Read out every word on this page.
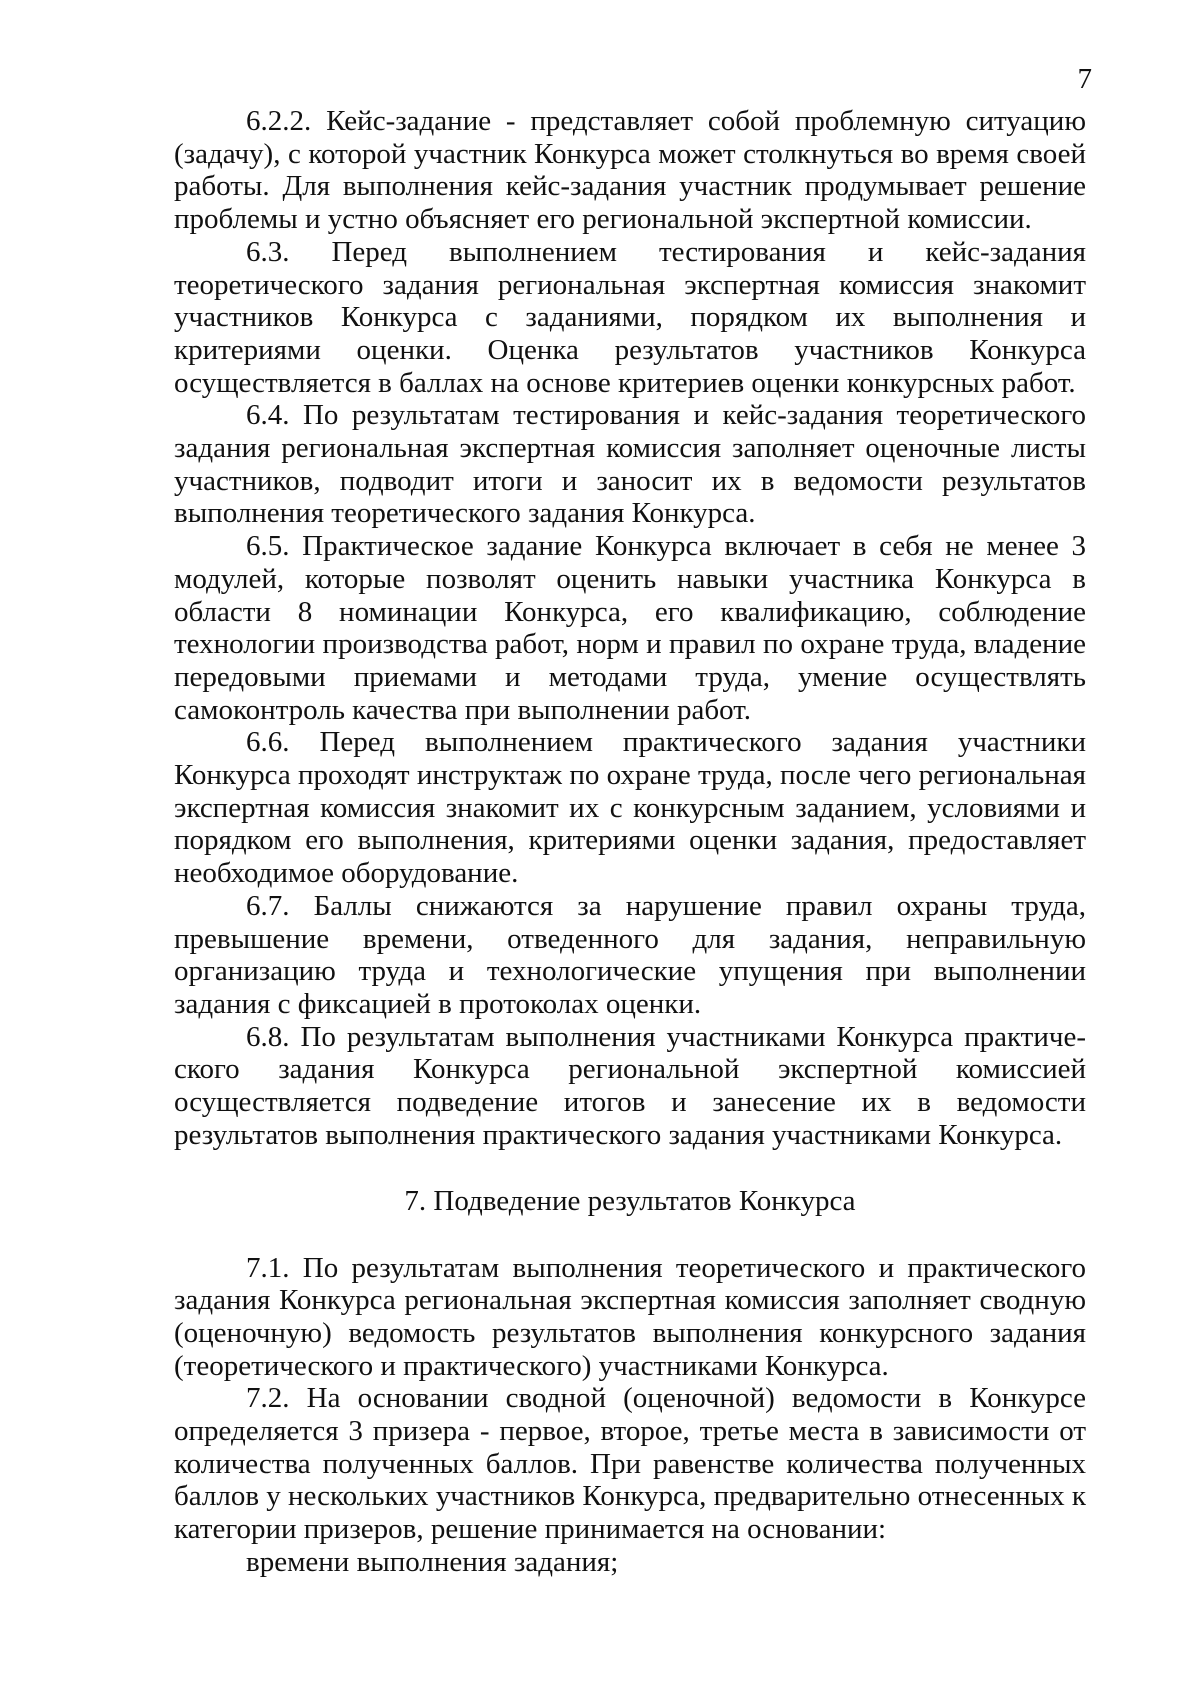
7

6.2.2. Кейс-задание - представляет собой проблемную ситуацию (задачу), с которой участник Конкурса может столкнуться во время своей работы. Для выполнения кейс-задания участник продумывает решение проблемы и устно объясняет его региональной экспертной комиссии.

6.3. Перед выполнением тестирования и кейс-задания теоретического задания региональная экспертная комиссия знакомит участников Конкурса с заданиями, порядком их выполнения и критериями оценки. Оценка результатов участников Конкурса осуществляется в баллах на основе критериев оценки конкурсных работ.

6.4. По результатам тестирования и кейс-задания теоретического задания региональная экспертная комиссия заполняет оценочные листы участников, подводит итоги и заносит их в ведомости результатов выполнения теоретического задания Конкурса.

6.5. Практическое задание Конкурса включает в себя не менее 3 модулей, которые позволят оценить навыки участника Конкурса в области 8 номинации Конкурса, его квалификацию, соблюдение технологии производства работ, норм и правил по охране труда, владение передовыми приемами и методами труда, умение осуществлять самоконтроль качества при выполнении работ.

6.6. Перед выполнением практического задания участники Конкурса проходят инструктаж по охране труда, после чего региональная экспертная комиссия знакомит их с конкурсным заданием, условиями и порядком его выполнения, критериями оценки задания, предоставляет необходимое оборудование.

6.7. Баллы снижаются за нарушение правил охраны труда, превышение времени, отведенного для задания, неправильную организацию труда и технологические упущения при выполнении задания с фиксацией в протоколах оценки.

6.8. По результатам выполнения участниками Конкурса практического задания Конкурса региональной экспертной комиссией осуществляется подведение итогов и занесение их в ведомости результатов выполнения практического задания участниками Конкурса.

7. Подведение результатов Конкурса

7.1. По результатам выполнения теоретического и практического задания Конкурса региональная экспертная комиссия заполняет сводную (оценочную) ведомость результатов выполнения конкурсного задания (теоретического и практического) участниками Конкурса.

7.2. На основании сводной (оценочной) ведомости в Конкурсе определяется 3 призера - первое, второе, третье места в зависимости от количества полученных баллов. При равенстве количества полученных баллов у нескольких участников Конкурса, предварительно отнесенных к категории призеров, решение принимается на основании:

времени выполнения задания;
